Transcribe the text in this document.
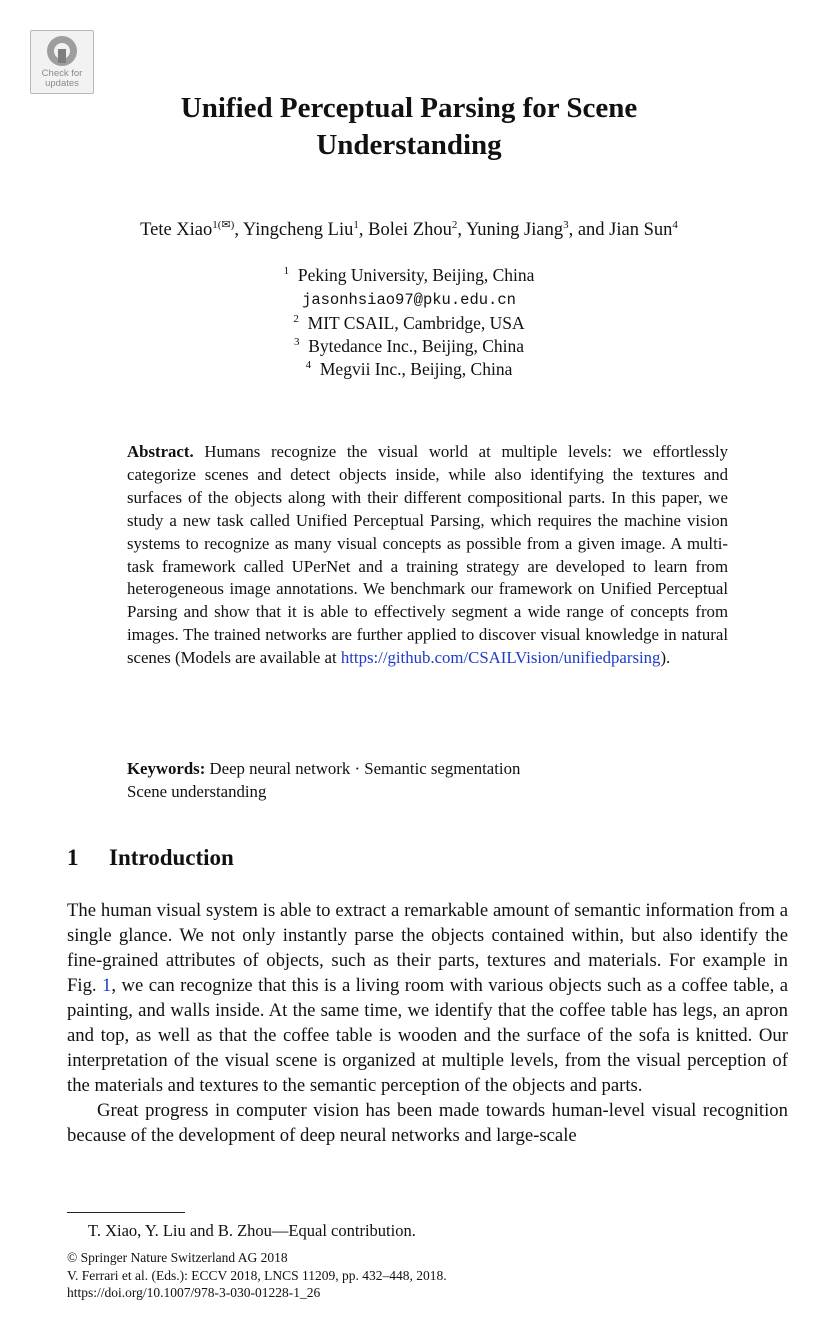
Check for
updates
Unified Perceptual Parsing for Scene
Understanding
Tete Xiao$^{1(✉)}$, Yingcheng Liu$^1$, Bolei Zhou$^2$, Yuning Jiang$^3$, and Jian Sun$^4$
$^1$ Peking University, Beijing, China
jasonhsiao97@pku.edu.cn
$^2$ MIT CSAIL, Cambridge, USA
$^3$ Bytedance Inc., Beijing, China
$^4$ Megvii Inc., Beijing, China
Abstract. Humans recognize the visual world at multiple levels: we effortlessly categorize scenes and detect objects inside, while also identifying the textures and surfaces of the objects along with their different compositional parts. In this paper, we study a new task called Unified Perceptual Parsing, which requires the machine vision systems to recognize as many visual concepts as possible from a given image. A multi-task framework called UPerNet and a training strategy are developed to learn from heterogeneous image annotations. We benchmark our framework on Unified Perceptual Parsing and show that it is able to effectively segment a wide range of concepts from images. The trained networks are further applied to discover visual knowledge in natural scenes (Models are available at https://github.com/CSAILVision/unifiedparsing).
Keywords: Deep neural network · Semantic segmentation
Scene understanding
1 Introduction

The human visual system is able to extract a remarkable amount of semantic information from a single glance. We not only instantly parse the objects contained within, but also identify the fine-grained attributes of objects, such as their parts, textures and materials. For example in Fig. 1, we can recognize that this is a living room with various objects such as a coffee table, a painting, and walls inside. At the same time, we identify that the coffee table has legs, an apron and top, as well as that the coffee table is wooden and the surface of the sofa is knitted. Our interpretation of the visual scene is organized at multiple levels, from the visual perception of the materials and textures to the semantic perception of the objects and parts.

Great progress in computer vision has been made towards human-level visual recognition because of the development of deep neural networks and large-scale

T. Xiao, Y. Liu and B. Zhou—Equal contribution.
© Springer Nature Switzerland AG 2018
V. Ferrari et al. (Eds.): ECCV 2018, LNCS 11209, pp. 432–448, 2018.
https://doi.org/10.1007/978-3-030-01228-1_26
